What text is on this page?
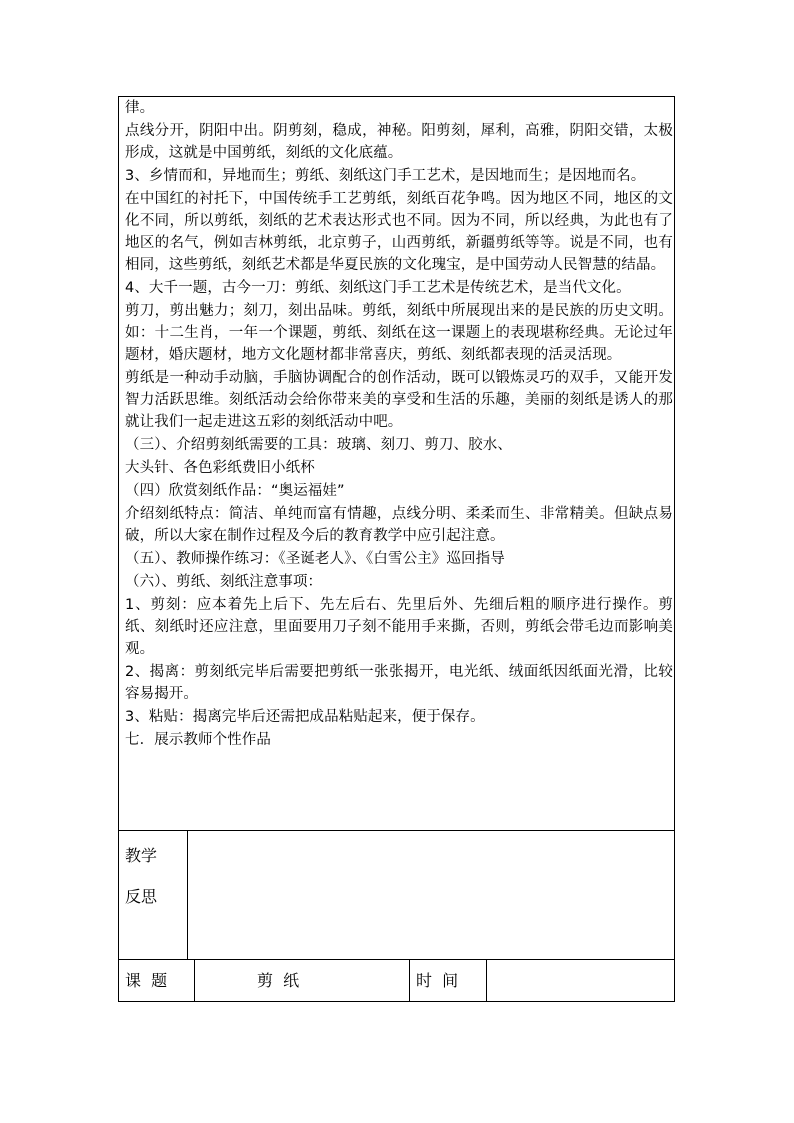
律。

点线分开，阴阳中出。阴剪刻，稳成，神秘。阳剪刻，犀利，高雅，阴阳交错，太极形成，这就是中国剪纸，刻纸的文化底蕴。

3、乡情而和，异地而生；剪纸、刻纸这门手工艺术，是因地而生；是因地而名。

在中国红的衬托下，中国传统手工艺剪纸，刻纸百花争鸣。因为地区不同，地区的文化不同，所以剪纸，刻纸的艺术表达形式也不同。因为不同，所以经典，为此也有了地区的名气，例如吉林剪纸，北京剪子，山西剪纸，新疆剪纸等等。说是不同，也有相同，这些剪纸，刻纸艺术都是华夏民族的文化瑰宝，是中国劳动人民智慧的结晶。

4、大千一题，古今一刀：剪纸、刻纸这门手工艺术是传统艺术，是当代文化。

剪刀，剪出魅力；刻刀，刻出品味。剪纸，刻纸中所展现出来的是民族的历史文明。如：十二生肖，一年一个课题，剪纸、刻纸在这一课题上的表现堪称经典。无论过年题材，婚庆题材，地方文化题材都非常喜庆，剪纸、刻纸都表现的活灵活现。

剪纸是一种动手动脑，手脑协调配合的创作活动，既可以锻炼灵巧的双手，又能开发智力活跃思维。刻纸活动会给你带来美的享受和生活的乐趣，美丽的刻纸是诱人的那就让我们一起走进这五彩的刻纸活动中吧。

（三）、介绍剪刻纸需要的工具：玻璃、刻刀、剪刀、胶水、

大头针、各色彩纸费旧小纸杯

（四）欣赏刻纸作品：“奥运福娃”

介绍刻纸特点：简洁、单纯而富有情趣，点线分明、柔柔而生、非常精美。但缺点易破，所以大家在制作过程及今后的教育教学中应引起注意。

（五）、教师操作练习：《圣诞老人》、《白雪公主》巡回指导

（六）、剪纸、刻纸注意事项：

1、剪刻：应本着先上后下、先左后右、先里后外、先细后粗的顺序进行操作。剪纸、刻纸时还应注意，里面要用刀子刻不能用手来撕，否则，剪纸会带毛边而影响美观。

2、揭离：剪刻纸完毕后需要把剪纸一张张揭开，电光纸、绒面纸因纸面光滑，比较容易揭开。

3、粘贴：揭离完毕后还需把成品粘贴起来，便于保存。

七．展示教师个性作品

教学
反思
课  题	剪  纸	时  间
